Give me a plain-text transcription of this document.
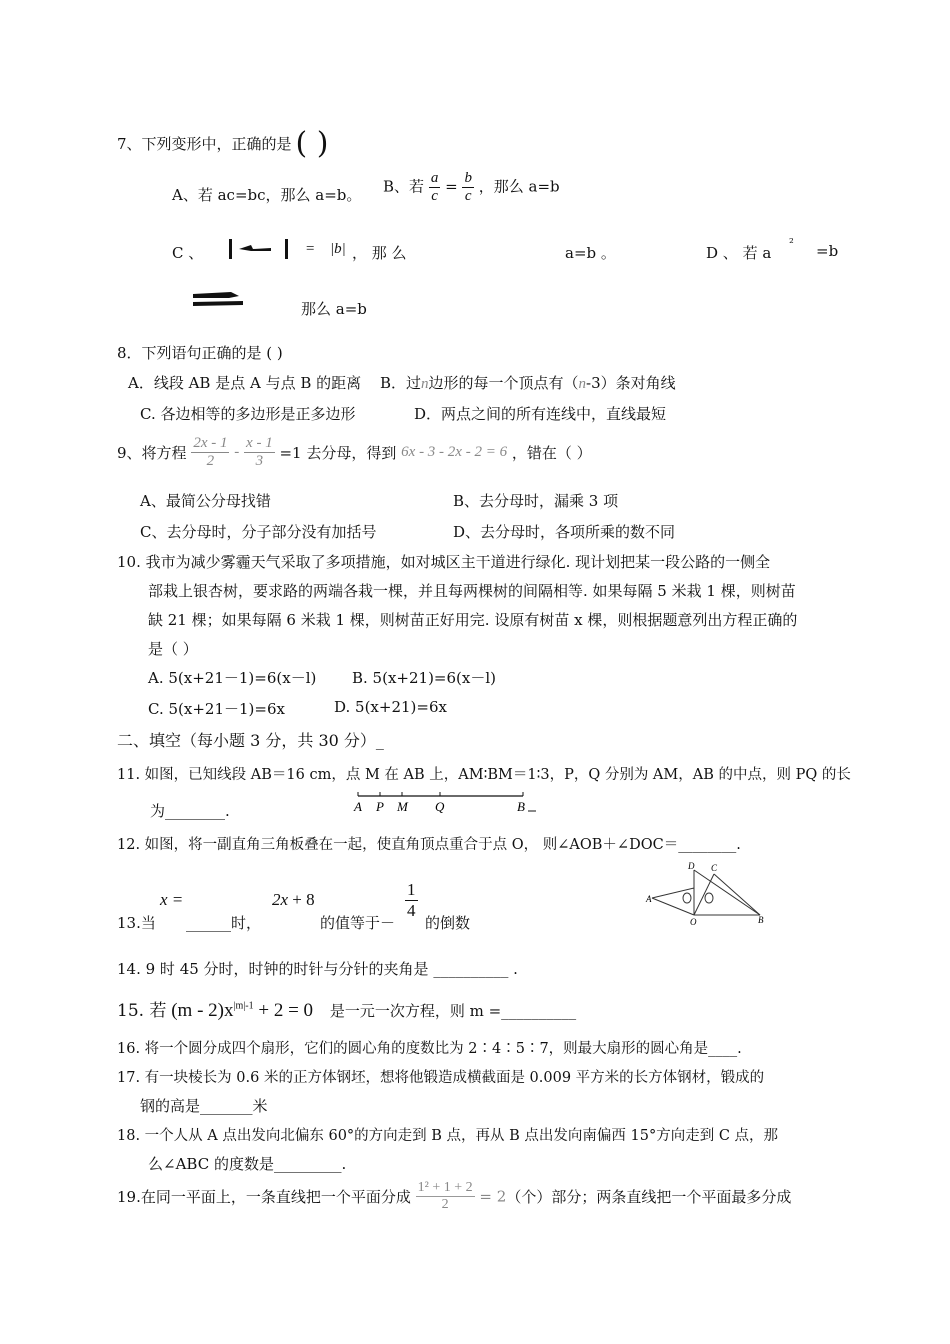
7、下列变形中，正确的是 ( )
A、若 ac=bc，那么 a=b。 B、若 $\frac{a}{c} = \frac{b}{c}$ ，那么 a=b
C 、	= |b| ， 那 么	a=b 。	D 、 若 a
² =b
那么 a=b
8．下列语句正确的是 ( )
A．线段 AB 是点 A 与点 B 的距离 B．过n边形的每一个顶点有（n-3）条对角线
C. 各边相等的多边形是正多边形	D．两点之间的所有连线中，直线最短
9、将方程 $\frac{2x - 1}{2} - \frac{x - 1}{3} =1$ 去分母，得到 6x - 3 - 2x - 2 = 6 ，错在（ ）
A、最简公分母找错	B、去分母时，漏乘 3 项
C、去分母时，分子部分没有加括号	D、去分母时，各项所乘的数不同
10. 我市为减少雾霾天气采取了多项措施，如对城区主干道进行绿化. 现计划把某一段公路的一侧全
部栽上银杏树，要求路的两端各栽一棵，并且每两棵树的间隔相等. 如果每隔 5 米栽 1 棵，则树苗
缺 21 棵；如果每隔 6 米栽 1 棵，则树苗正好用完. 设原有树苗 x 棵，则根据题意列出方程正确的
是（ ）
A. 5(x+21－1)=6(x－l) B. 5(x+21)=6(x－l)
C. 5(x+21－1)=6x	D. 5(x+21)=6x
二、填空（每小题 3 分，共 30 分）_
11. 如图，已知线段 AB＝16 cm，点 M 在 AB 上，AM∶BM＝1∶3，P，Q 分别为 AM，AB 的中点，则 PQ 的长
为________.	A P M Q	B
12. 如图，将一副直角三角板叠在一起，使直角顶点重合于点 O， 则∠AOB＋∠DOC＝________.
D C
A
O	B
x =	2x + 8	$\frac{1}{4}$
13.当 ______时，	的值等于－ 的倒数
14. 9 时 45 分时，时钟的时针与分针的夹角是 __________ .
15. 若 $(m - 2)x^{|m|-1} + 2 = 0$ 是一元一次方程，则 m =__________
16. 将一个圆分成四个扇形，它们的圆心角的度数比为 2∶4∶5∶7，则最大扇形的圆心角是____.
17. 有一块棱长为 0.6 米的正方体钢坯，想将他锻造成横截面是 0.009 平方米的长方体钢材，锻成的
钢的高是_______米
18. 一个人从 A 点出发向北偏东 60°的方向走到 B 点，再从 B 点出发向南偏西 15°方向走到 C 点，那
么∠ABC 的度数是_________.
19.在同一平面上，一条直线把一个平面分成 $\frac{\text{1² + 1 + 2}}{2} = 2$（个）部分；两条直线把一个平面最多分成
